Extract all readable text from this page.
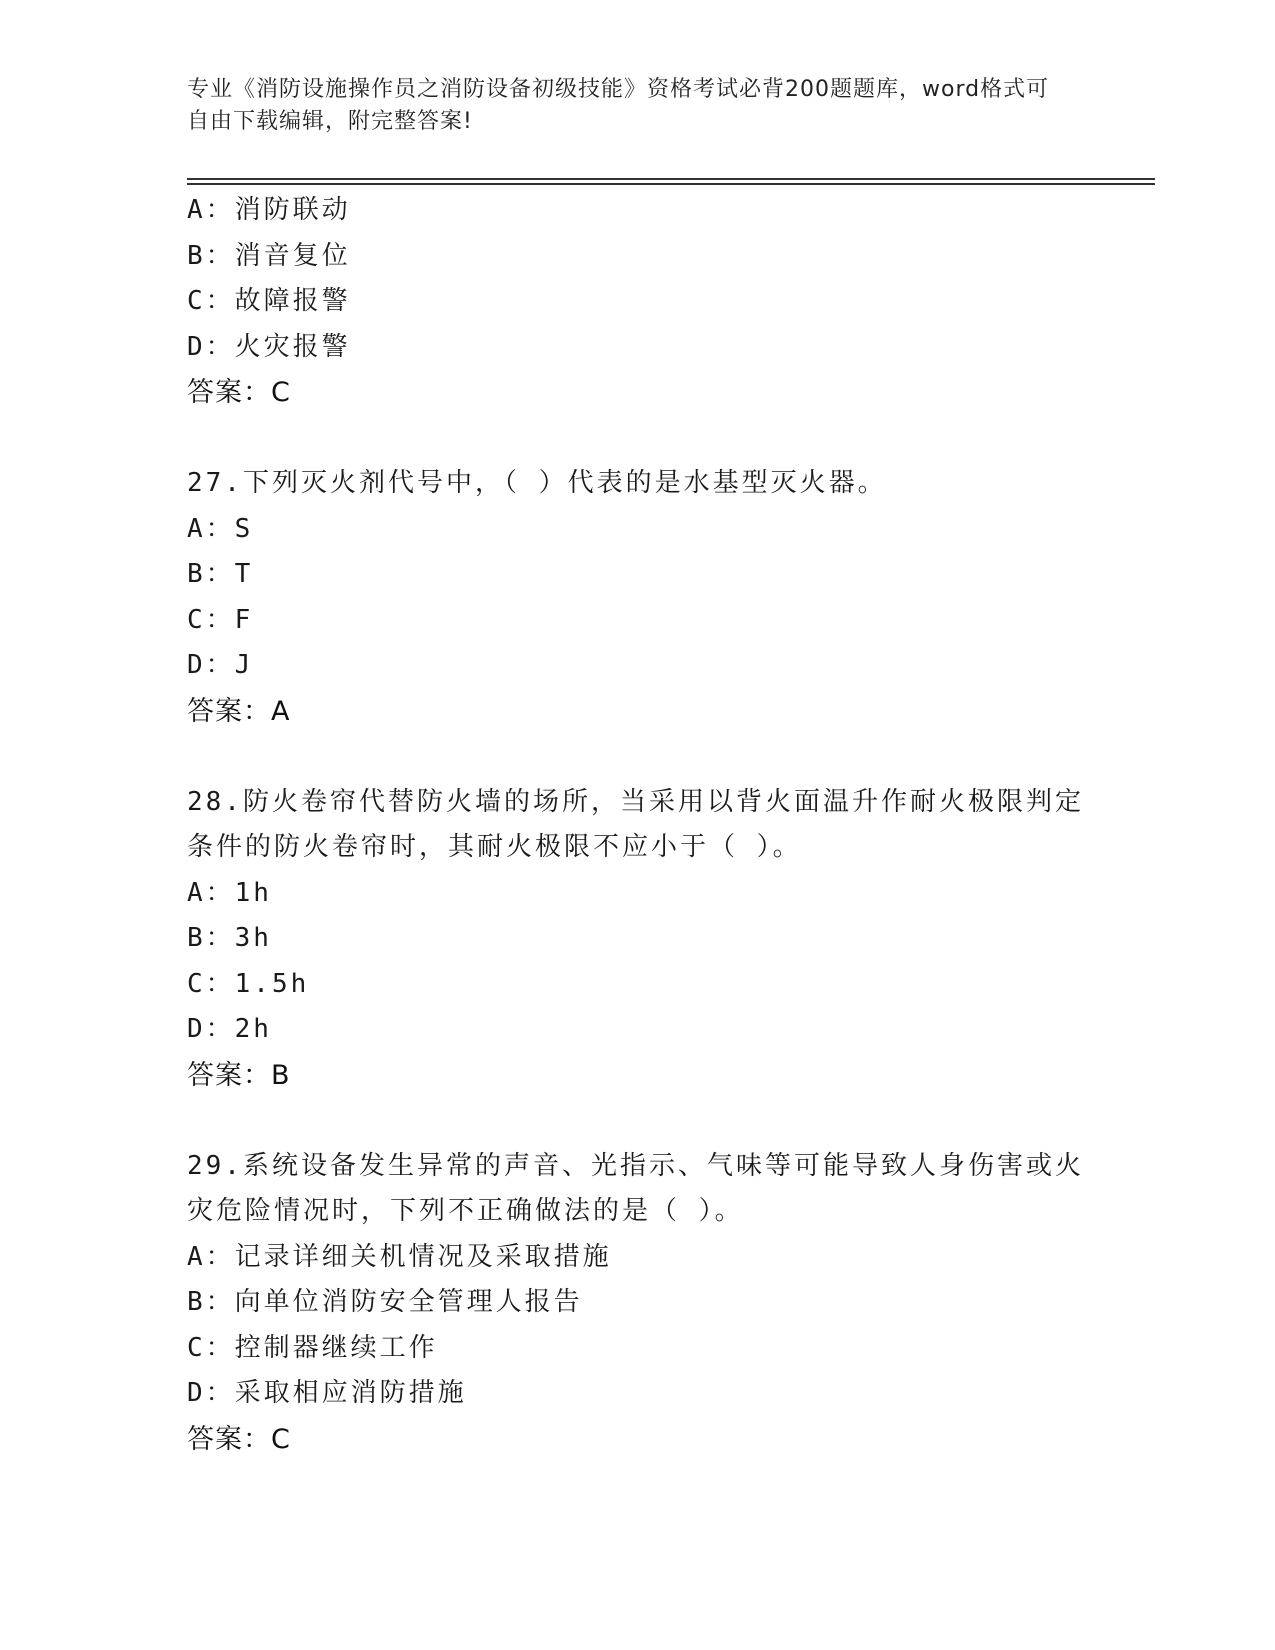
专业《消防设施操作员之消防设备初级技能》资格考试必背200题题库，word格式可自由下载编辑，附完整答案!
A：消防联动
B：消音复位
C：故障报警
D：火灾报警
答案：C
27.下列灭火剂代号中，（ ）代表的是水基型灭火器。
A：S
B：T
C：F
D：J
答案：A
28.防火卷帘代替防火墙的场所，当采用以背火面温升作耐火极限判定条件的防火卷帘时，其耐火极限不应小于（ ）。
A：1h
B：3h
C：1.5h
D：2h
答案：B
29.系统设备发生异常的声音、光指示、气味等可能导致人身伤害或火灾危险情况时，下列不正确做法的是（ ）。
A：记录详细关机情况及采取措施
B：向单位消防安全管理人报告
C：控制器继续工作
D：采取相应消防措施
答案：C
